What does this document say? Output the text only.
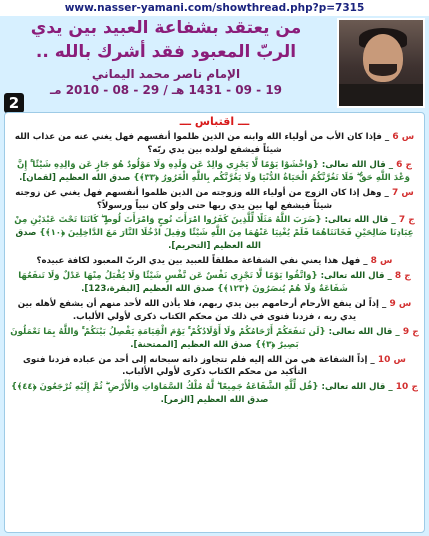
www.nasser-yamani.com/showthread.php?p=7315
من يعتقد بشفاعة العبيد بين يدي
الربّ المعبود فقد أشرك بالله ..
الإمام ناصر محمد اليماني
19 - 09 - 1431 هـ / 29 - 08 - 2010 مـ
2
ـــ اقتباس ـــ
س 6 _ فإذا كان الأب من أولياء الله وابنه من الذين ظلموا أنفسهم فهل يغني عنه من عذاب الله شيئاً فيشفع لولده بين يدي ربّه؟
ج 6 _ قال الله تعالى: {وَاخْشَوْا يَوْمًا لَّا يَجْزِي وَالِدٌ عَن وَلَدِهِ وَلَا مَوْلُودٌ هُوَ جَازٍ عَن وَالِدِهِ شَيْئًا ۚ إِنَّ وَعْدَ اللَّهِ حَقٌّ ۖ فَلَا تَغُرَّنَّكُمُ الْحَيَاةُ الدُّنْيَا وَلَا يَغُرَّنَّكُم بِاللَّهِ الْغَرُورُ ﴿٣٣﴾} صدق الله العظيم [لقمان].
س 7 _ وهل إذا كان الزوج من أولياء الله وزوجته من الذين ظلموا أنفسهم فهل يغني عن زوجته شيئاً فيشفع لها بين يدي ربها حتى ولو كان نبياً ورسولاً؟
ج 7 _ قال الله تعالى: {ضَرَبَ اللَّهُ مَثَلًا لِّلَّذِينَ كَفَرُوا امْرَأَتَ نُوحٍ وَامْرَأَتَ لُوطٍ ۖ كَانَتَا تَحْتَ عَبْدَيْنِ مِنْ عِبَادِنَا صَالِحَيْنِ فَخَانَتَاهُمَا فَلَمْ يُغْنِيَا عَنْهُمَا مِنَ اللَّهِ شَيْئًا وَقِيلَ ادْخُلَا النَّارَ مَعَ الدَّاخِلِينَ ﴿١٠﴾} صدق الله العظيم [التحريم].
س 8 _ فهل هذا يعني نفي الشفاعة مطلقاً للعبيد بين يدي الربّ المعبود لكافة عبيده؟
ج 8 _ قال الله تعالى: {وَاتَّقُوا يَوْمًا لَّا تَجْزِي نَفْسٌ عَن نَّفْسٍ شَيْئًا وَلَا يُقْبَلُ مِنْهَا عَدْلٌ وَلَا تَنفَعُهَا شَفَاعَةٌ وَلَا هُمْ يُنصَرُونَ ﴿١٢٣﴾} صدق الله العظيم [البقرة،123].
س 9 _ إذاً لن ينفع الأرحام أرحامهم بين يدي ربهم، فلا يأذن الله لأحد منهم أن يشفع لأهله بين يدي ربه ، فزدنا فتوى في ذلك من محكم الكتاب ذكرى لأولي الألباب.
ج 9 _ قال الله تعالى: {لَن تَنفَعَكُمْ أَرْحَامُكُمْ وَلَا أَوْلَادُكُمْ ۚ يَوْمَ الْقِيَامَةِ يَفْصِلُ بَيْنَكُمْ ۚ وَاللَّهُ بِمَا تَعْمَلُونَ بَصِيرٌ ﴿٣﴾} صدق الله العظيم [الممتحنة].
س 10 _ إذاً الشفاعة هي من الله إليه فلم تتجاوز ذاته سبحانه إلى أحد من عباده فزدنا فتوى التأكيد من محكم الكتاب ذكرى لأولي الألباب.
ج 10 _ قال الله تعالى: {قُل لِّلَّهِ الشَّفَاعَةُ جَمِيعًا ۖ لَّهُ مُلْكُ السَّمَاوَاتِ وَالْأَرْضِ ۖ ثُمَّ إِلَيْهِ تُرْجَعُونَ ﴿٤٤﴾} صدق الله العظيم [الزمر].
